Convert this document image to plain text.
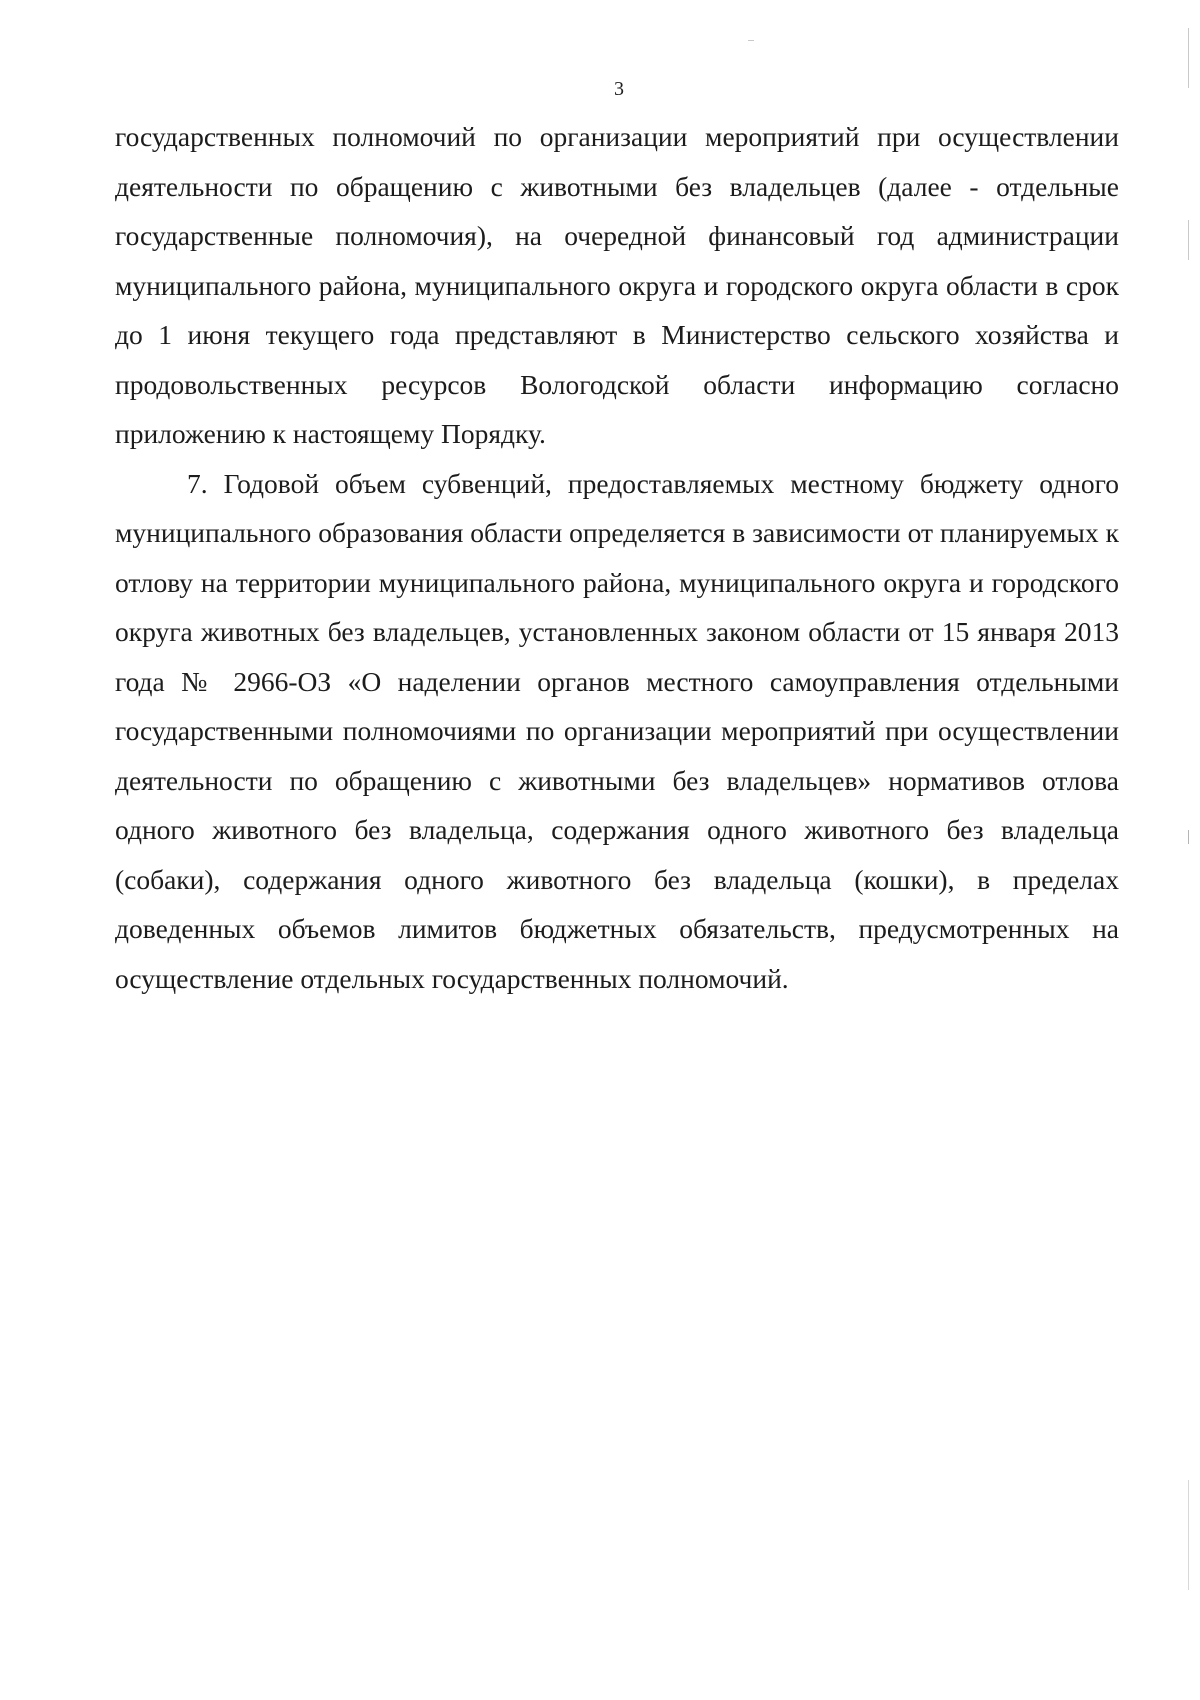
3

государственных полномочий по организации мероприятий при осуществлении деятельности по обращению с животными без владельцев (далее - отдельные государственные полномочия), на очередной финансовый год администрации муниципального района, муниципального округа и городского округа области в срок до 1 июня текущего года представляют в Министерство сельского хозяйства и продовольственных ресурсов Вологодской области информацию согласно приложению к настоящему Порядку.

7. Годовой объем субвенций, предоставляемых местному бюджету одного муниципального образования области определяется в зависимости от планируемых к отлову на территории муниципального района, муниципального округа и городского округа животных без владельцев, установленных законом области от 15 января 2013 года № 2966-ОЗ «О наделении органов местного самоуправления отдельными государственными полномочиями по организации мероприятий при осуществлении деятельности по обращению с животными без владельцев» нормативов отлова одного животного без владельца, содержания одного животного без владельца (собаки), содержания одного животного без владельца (кошки), в пределах доведенных объемов лимитов бюджетных обязательств, предусмотренных на осуществление отдельных государственных полномочий.
